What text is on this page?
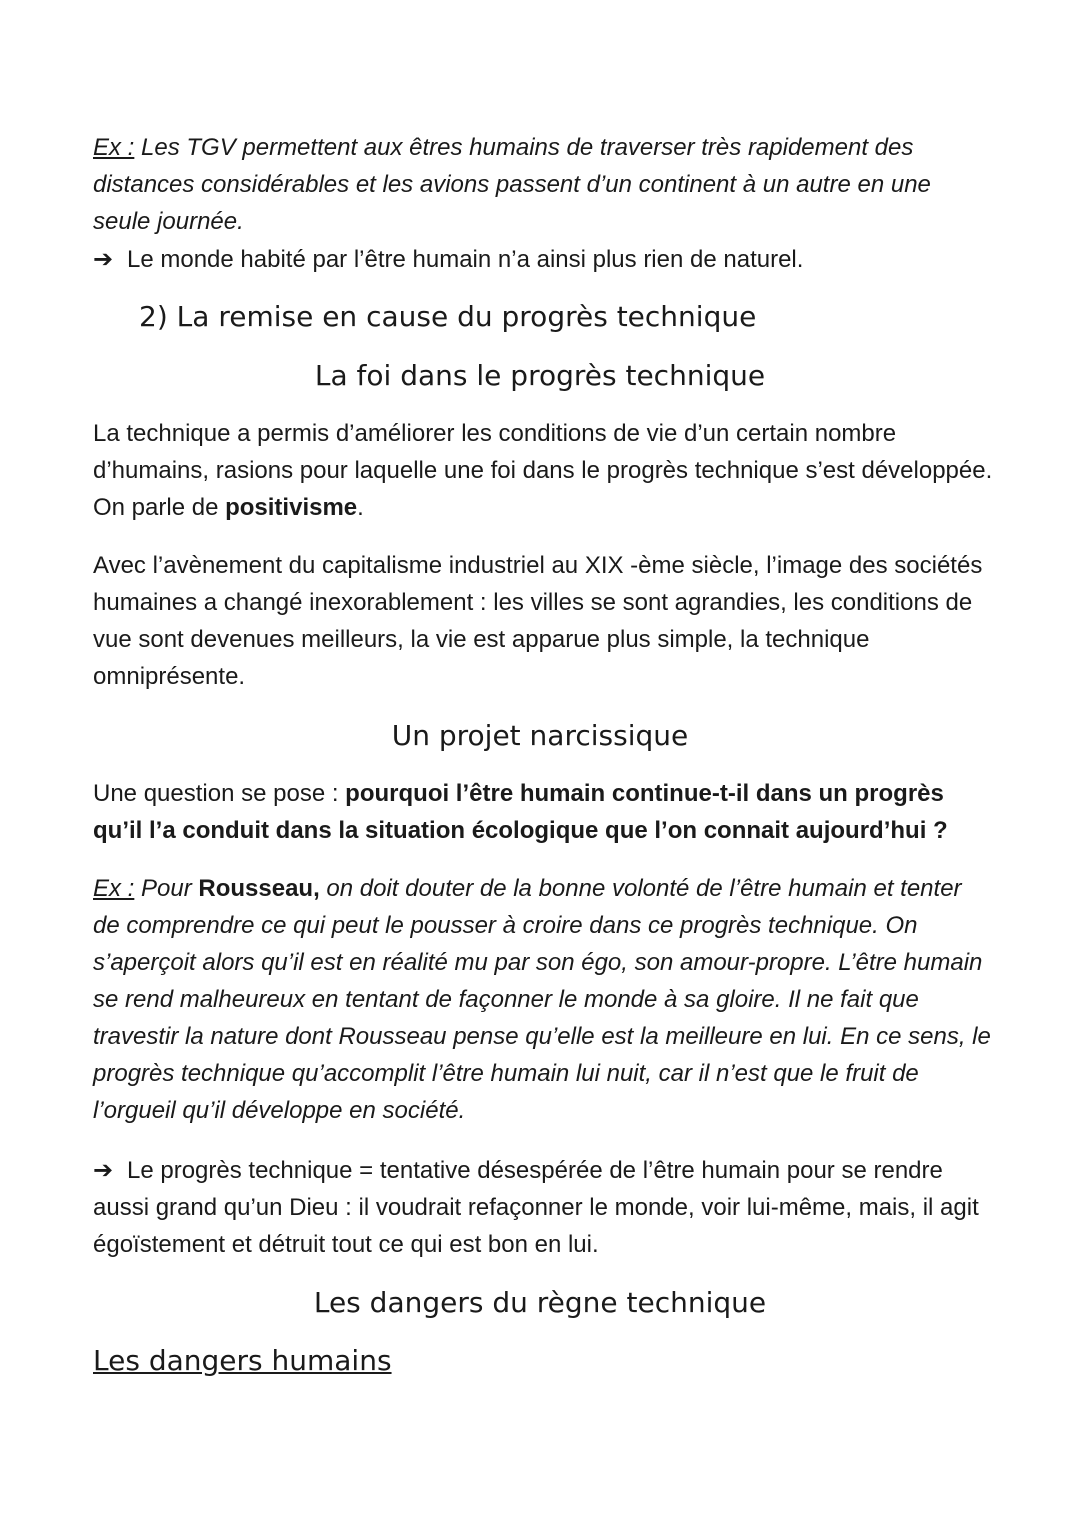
Ex : Les TGV permettent aux êtres humains de traverser très rapidement des distances considérables et les avions passent d’un continent à un autre en une seule journée.

➔ Le monde habité par l’être humain n’a ainsi plus rien de naturel.

2) La remise en cause du progrès technique
La foi dans le progrès technique

La technique a permis d’améliorer les conditions de vie d’un certain nombre d’humains, rasions pour laquelle une foi dans le progrès technique s’est développée. On parle de positivisme.

Avec l’avènement du capitalisme industriel au XIX -ème siècle, l’image des sociétés humaines a changé inexorablement : les villes se sont agrandies, les conditions de vue sont devenues meilleurs, la vie est apparue plus simple, la technique omniprésente.

Un projet narcissique

Une question se pose : pourquoi l’être humain continue-t-il dans un progrès qu’il l’a conduit dans la situation écologique que l’on connait aujourd’hui ?

Ex : Pour Rousseau, on doit douter de la bonne volonté de l’être humain et tenter de comprendre ce qui peut le pousser à croire dans ce progrès technique. On s’aperçoit alors qu’il est en réalité mu par son égo, son amour-propre. L’être humain se rend malheureux en tentant de façonner le monde à sa gloire. Il ne fait que travestir la nature dont Rousseau pense qu’elle est la meilleure en lui. En ce sens, le progrès technique qu’accomplit l’être humain lui nuit, car il n’est que le fruit de l’orgueil qu’il développe en société.

➔ Le progrès technique = tentative désespérée de l’être humain pour se rendre aussi grand qu’un Dieu : il voudrait refaçonner le monde, voir lui-même, mais, il agit égoïstement et détruit tout ce qui est bon en lui.

Les dangers du règne technique
Les dangers humains
